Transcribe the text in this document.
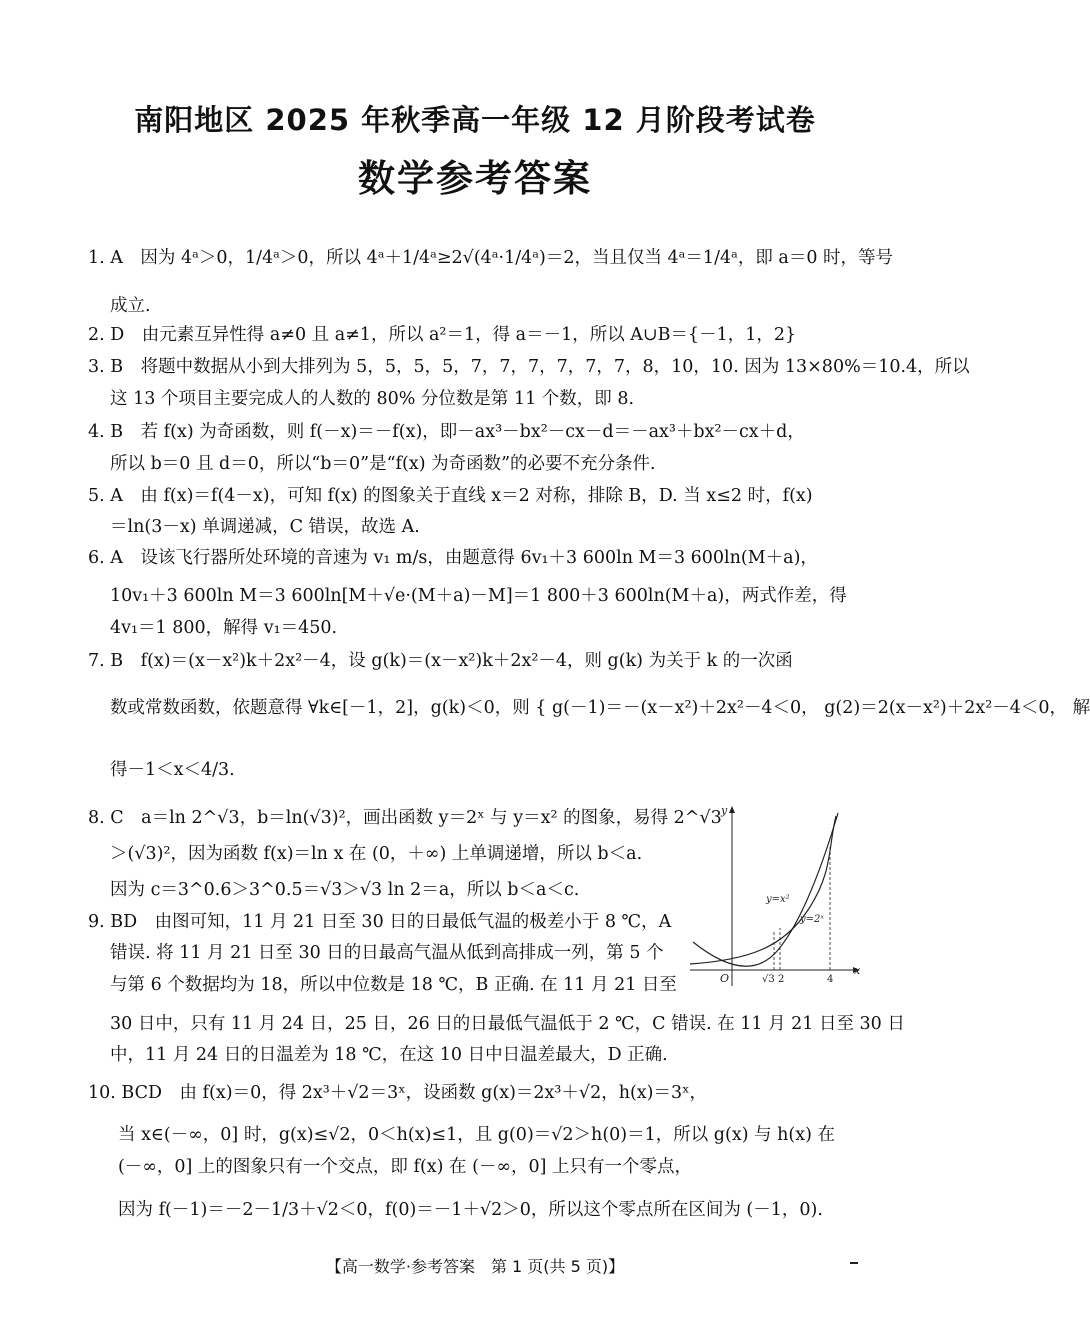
南阳地区 2025 年秋季高一年级 12 月阶段考试卷
数学参考答案
1. A　因为 4ᵃ＞0，1/4ᵃ＞0，所以 4ᵃ＋1/4ᵃ≥2√(4ᵃ·1/4ᵃ)＝2，当且仅当 4ᵃ＝1/4ᵃ，即 a＝0 时，等号
成立.
2. D　由元素互异性得 a≠0 且 a≠1，所以 a²＝1，得 a＝－1，所以 A∪B＝{－1，1，2}
3. B　将题中数据从小到大排列为 5，5，5，5，7，7，7，7，7，7，8，10，10. 因为 13×80%＝10.4，所以
这 13 个项目主要完成人的人数的 80% 分位数是第 11 个数，即 8.
4. B　若 f(x) 为奇函数，则 f(－x)＝－f(x)，即－ax³－bx²－cx－d＝－ax³＋bx²－cx＋d，
所以 b＝0 且 d＝0，所以“b＝0”是“f(x) 为奇函数”的必要不充分条件.
5. A　由 f(x)＝f(4－x)，可知 f(x) 的图象关于直线 x＝2 对称，排除 B，D. 当 x≤2 时，f(x)
＝ln(3－x) 单调递减，C 错误，故选 A.
6. A　设该飞行器所处环境的音速为 v₁ m/s，由题意得 6v₁＋3 600ln M＝3 600ln(M＋a)，
10v₁＋3 600ln M＝3 600ln[M＋√e·(M＋a)－M]＝1 800＋3 600ln(M＋a)，两式作差，得
4v₁＝1 800，解得 v₁＝450.
7. B　f(x)＝(x－x²)k＋2x²－4，设 g(k)＝(x－x²)k＋2x²－4，则 g(k) 为关于 k 的一次函
数或常数函数，依题意得 ∀k∈[－1，2]，g(k)＜0，则 { g(－1)＝－(x－x²)＋2x²－4＜0， g(2)＝2(x－x²)＋2x²－4＜0， 解
得－1＜x＜4/3.
8. C　a＝ln 2^√3，b＝ln(√3)²，画出函数 y＝2ˣ 与 y＝x² 的图象，易得 2^√3
＞(√3)²，因为函数 f(x)＝ln x 在 (0，＋∞) 上单调递增，所以 b＜a.
因为 c＝3^0.6＞3^0.5＝√3＞√3 ln 2＝a，所以 b＜a＜c.
9. BD　由图可知，11 月 21 日至 30 日的日最低气温的极差小于 8 ℃，A
错误. 将 11 月 21 日至 30 日的日最高气温从低到高排成一列，第 5 个
与第 6 个数据均为 18，所以中位数是 18 ℃，B 正确. 在 11 月 21 日至
30 日中，只有 11 月 24 日，25 日，26 日的日最低气温低于 2 ℃，C 错误. 在 11 月 21 日至 30 日
中，11 月 24 日的日温差为 18 ℃，在这 10 日中日温差最大，D 正确.
10. BCD　由 f(x)＝0，得 2x³＋√2＝3ˣ，设函数 g(x)＝2x³＋√2，h(x)＝3ˣ，
当 x∈(－∞，0] 时，g(x)≤√2，0＜h(x)≤1，且 g(0)＝√2＞h(0)＝1，所以 g(x) 与 h(x) 在
(－∞，0] 上的图象只有一个交点，即 f(x) 在 (－∞，0] 上只有一个零点，
因为 f(－1)＝－2－1/3＋√2＜0，f(0)＝－1＋√2＞0，所以这个零点所在区间为 (－1，0).
x
y
O
y=x²
y=2ˣ
√3 2	4
【高一数学·参考答案　第 1 页(共 5 页)】
